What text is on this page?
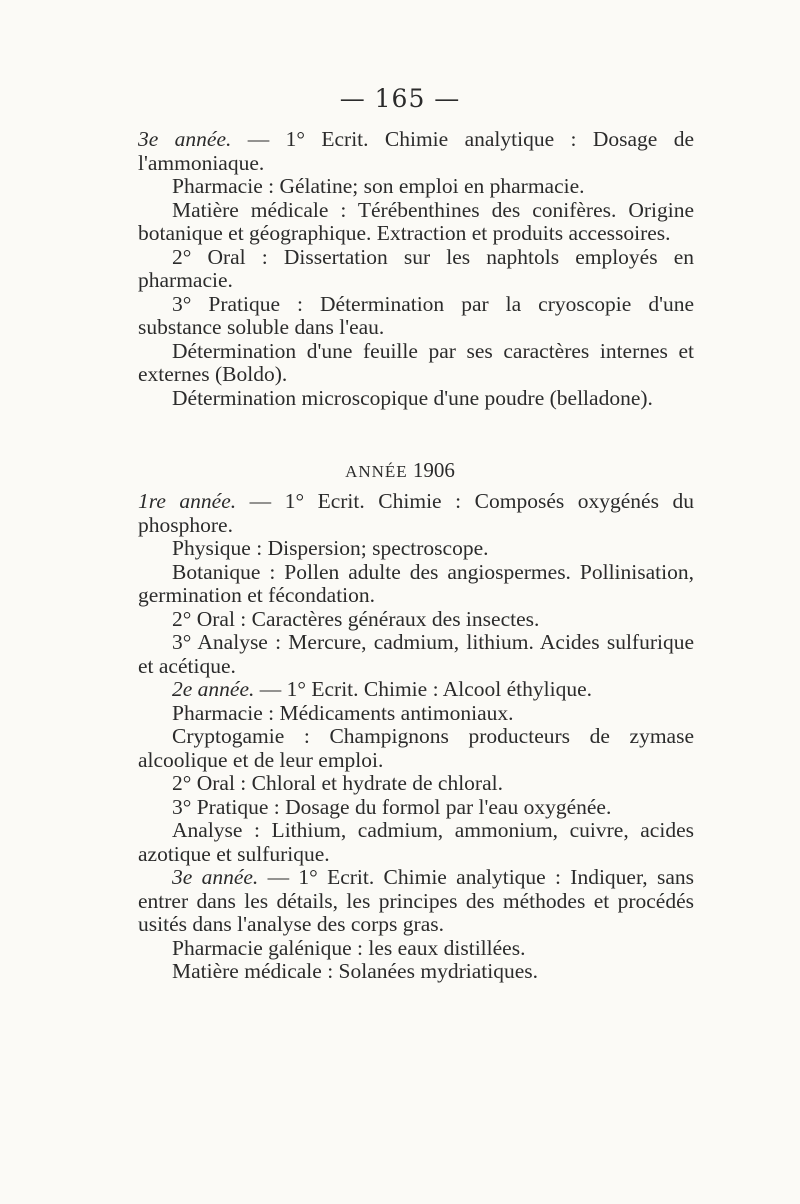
— 165 —

3e année. — 1° Ecrit. Chimie analytique : Dosage de l'ammoniaque.

Pharmacie : Gélatine; son emploi en pharmacie.

Matière médicale : Térébenthines des conifères. Origine botanique et géographique. Extraction et produits accessoires.

2° Oral : Dissertation sur les naphtols employés en pharmacie.

3° Pratique : Détermination par la cryoscopie d'une substance soluble dans l'eau.

Détermination d'une feuille par ses caractères internes et externes (Boldo).

Détermination microscopique d'une poudre (belladone).

ANNÉE 1906

1re année. — 1° Ecrit. Chimie : Composés oxygénés du phosphore.

Physique : Dispersion; spectroscope.

Botanique : Pollen adulte des angiospermes. Pollinisation, germination et fécondation.

2° Oral : Caractères généraux des insectes.

3° Analyse : Mercure, cadmium, lithium. Acides sulfurique et acétique.

2e année. — 1° Ecrit. Chimie : Alcool éthylique.

Pharmacie : Médicaments antimoniaux.

Cryptogamie : Champignons producteurs de zymase alcoolique et de leur emploi.

2° Oral : Chloral et hydrate de chloral.

3° Pratique : Dosage du formol par l'eau oxygénée.

Analyse : Lithium, cadmium, ammonium, cuivre, acides azotique et sulfurique.

3e année. — 1° Ecrit. Chimie analytique : Indiquer, sans entrer dans les détails, les principes des méthodes et procédés usités dans l'analyse des corps gras.

Pharmacie galénique : les eaux distillées.

Matière médicale : Solanées mydriatiques.
